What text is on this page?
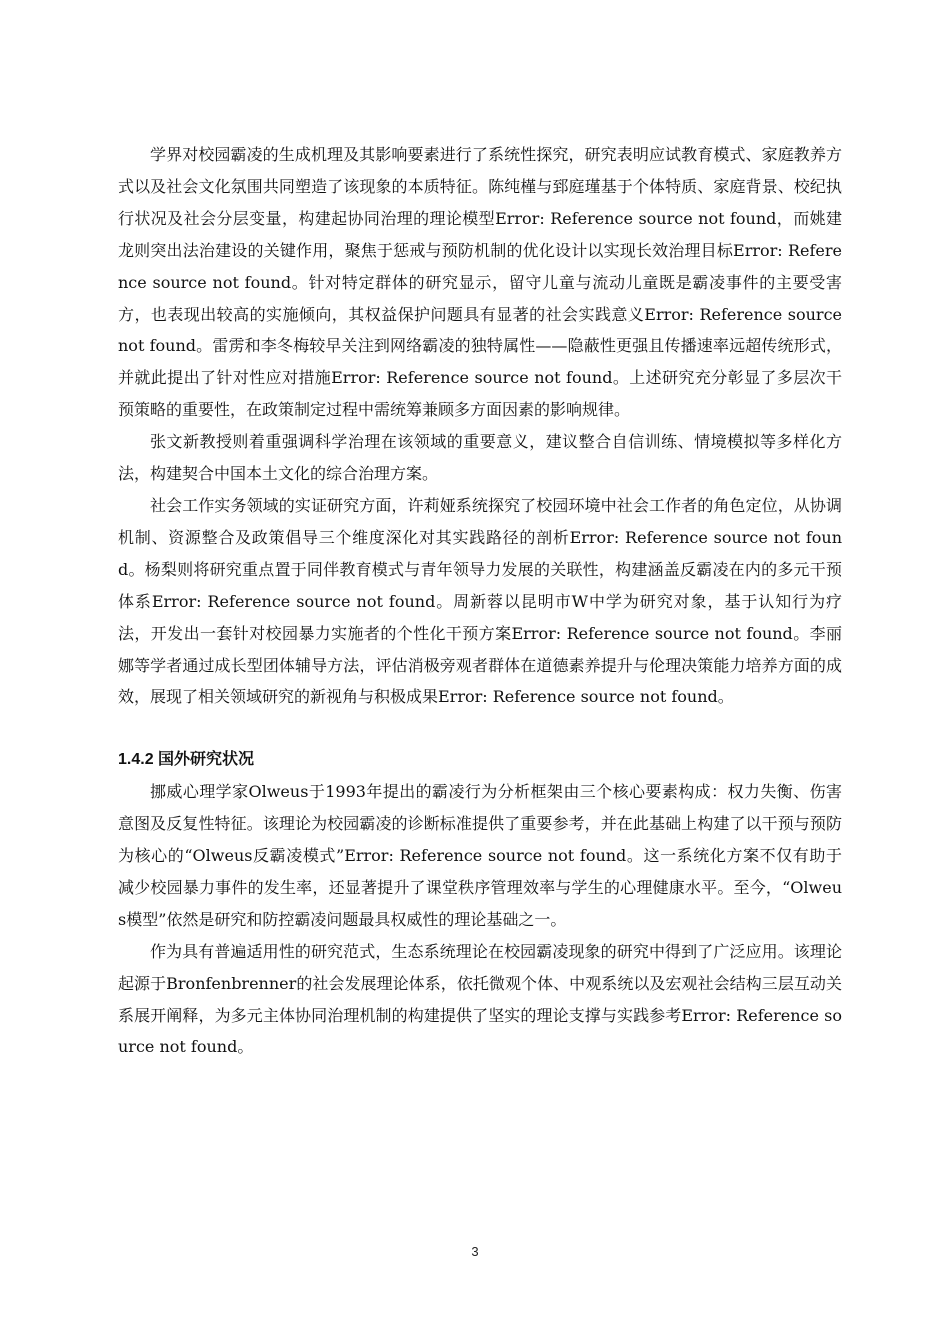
学界对校园霸凌的生成机理及其影响要素进行了系统性探究，研究表明应试教育模式、家庭教养方式以及社会文化氛围共同塑造了该现象的本质特征。陈纯槿与郅庭瑾基于个体特质、家庭背景、校纪执行状况及社会分层变量，构建起协同治理的理论模型Error: Reference source not found，而姚建龙则突出法治建设的关键作用，聚焦于惩戒与预防机制的优化设计以实现长效治理目标Error: Reference source not found。针对特定群体的研究显示，留守儿童与流动儿童既是霸凌事件的主要受害方，也表现出较高的实施倾向，其权益保护问题具有显著的社会实践意义Error: Reference source not found。雷雳和李冬梅较早关注到网络霸凌的独特属性——隐蔽性更强且传播速率远超传统形式，并就此提出了针对性应对措施Error: Reference source not found。上述研究充分彰显了多层次干预策略的重要性，在政策制定过程中需统筹兼顾多方面因素的影响规律。

张文新教授则着重强调科学治理在该领域的重要意义，建议整合自信训练、情境模拟等多样化方法，构建契合中国本土文化的综合治理方案。

社会工作实务领域的实证研究方面，许莉娅系统探究了校园环境中社会工作者的角色定位，从协调机制、资源整合及政策倡导三个维度深化对其实践路径的剖析Error: Reference source not found。杨梨则将研究重点置于同伴教育模式与青年领导力发展的关联性，构建涵盖反霸凌在内的多元干预体系Error: Reference source not found。周新蓉以昆明市W中学为研究对象，基于认知行为疗法，开发出一套针对校园暴力实施者的个性化干预方案Error: Reference source not found。李丽娜等学者通过成长型团体辅导方法，评估消极旁观者群体在道德素养提升与伦理决策能力培养方面的成效，展现了相关领域研究的新视角与积极成果Error: Reference source not found。

1.4.2 国外研究状况

挪威心理学家Olweus于1993年提出的霸凌行为分析框架由三个核心要素构成：权力失衡、伤害意图及反复性特征。该理论为校园霸凌的诊断标准提供了重要参考，并在此基础上构建了以干预与预防为核心的“Olweus反霸凌模式”Error: Reference source not found。这一系统化方案不仅有助于减少校园暴力事件的发生率，还显著提升了课堂秩序管理效率与学生的心理健康水平。至今，“Olweus模型”依然是研究和防控霸凌问题最具权威性的理论基础之一。

作为具有普遍适用性的研究范式，生态系统理论在校园霸凌现象的研究中得到了广泛应用。该理论起源于Bronfenbrenner的社会发展理论体系，依托微观个体、中观系统以及宏观社会结构三层互动关系展开阐释，为多元主体协同治理机制的构建提供了坚实的理论支撑与实践参考Error: Reference source not found。

3
